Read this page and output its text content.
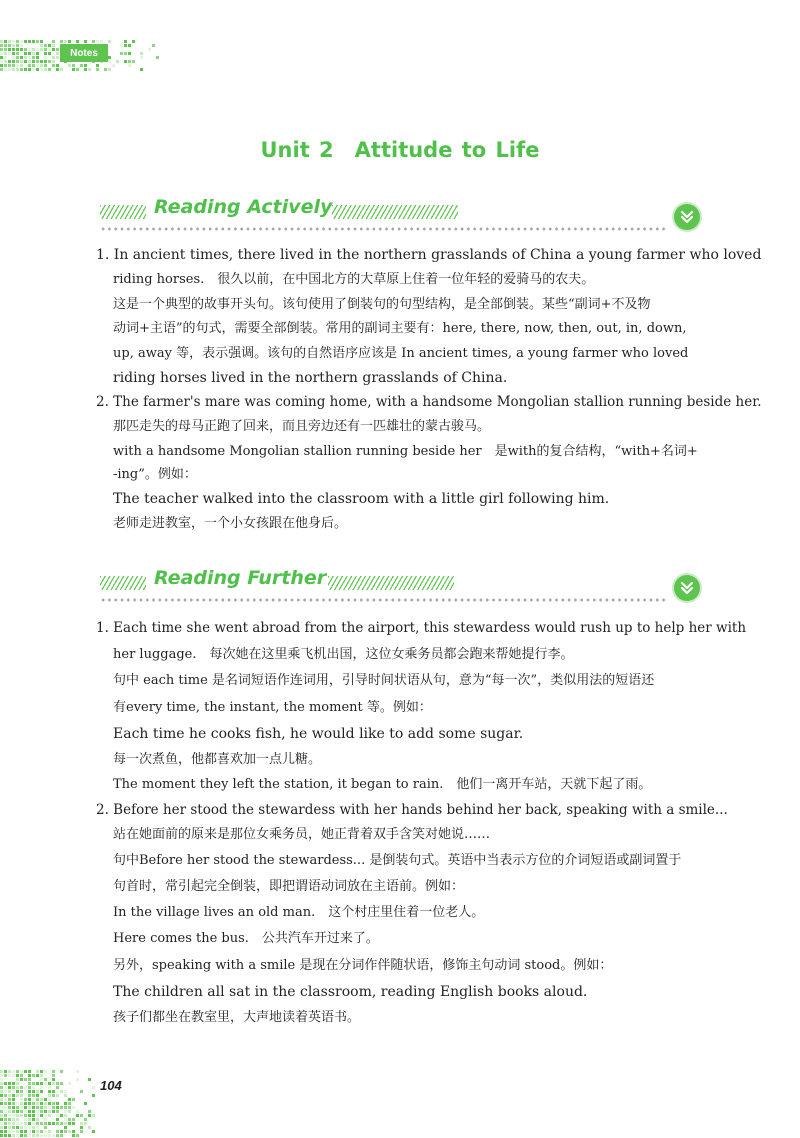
Notes
Unit 2 Attitude to Life
Reading Actively
1. In ancient times, there lived in the northern grasslands of China a young farmer who loved
riding horses. 很久以前，在中国北方的大草原上住着一位年轻的爱骑马的农夫。
这是一个典型的故事开头句。该句使用了倒装句的句型结构，是全部倒装。某些“副词+不及物
动词+主语”的句式，需要全部倒装。常用的副词主要有：here, there, now, then, out, in, down,
up, away 等，表示强调。该句的自然语序应该是 In ancient times, a young farmer who loved
riding horses lived in the northern grasslands of China.
2. The farmer's mare was coming home, with a handsome Mongolian stallion running beside her.
那匹走失的母马正跑了回来，而且旁边还有一匹雄壮的蒙古骏马。
with a handsome Mongolian stallion running beside her 是with的复合结构，“with+名词+
-ing”。例如：
The teacher walked into the classroom with a little girl following him.
老师走进教室，一个小女孩跟在他身后。
Reading Further
1. Each time she went abroad from the airport, this stewardess would rush up to help her with
her luggage. 每次她在这里乘飞机出国，这位女乘务员都会跑来帮她提行李。
句中 each time 是名词短语作连词用，引导时间状语从句，意为“每一次”，类似用法的短语还
有every time, the instant, the moment 等。例如：
Each time he cooks fish, he would like to add some sugar.
每一次煮鱼，他都喜欢加一点儿糖。
The moment they left the station, it began to rain. 他们一离开车站，天就下起了雨。
2. Before her stood the stewardess with her hands behind her back, speaking with a smile...
站在她面前的原来是那位女乘务员，她正背着双手含笑对她说……
句中Before her stood the stewardess... 是倒装句式。英语中当表示方位的介词短语或副词置于
句首时，常引起完全倒装，即把谓语动词放在主语前。例如：
In the village lives an old man. 这个村庄里住着一位老人。
Here comes the bus. 公共汽车开过来了。
另外，speaking with a smile 是现在分词作伴随状语，修饰主句动词 stood。例如：
The children all sat in the classroom, reading English books aloud.
孩子们都坐在教室里，大声地读着英语书。
104
